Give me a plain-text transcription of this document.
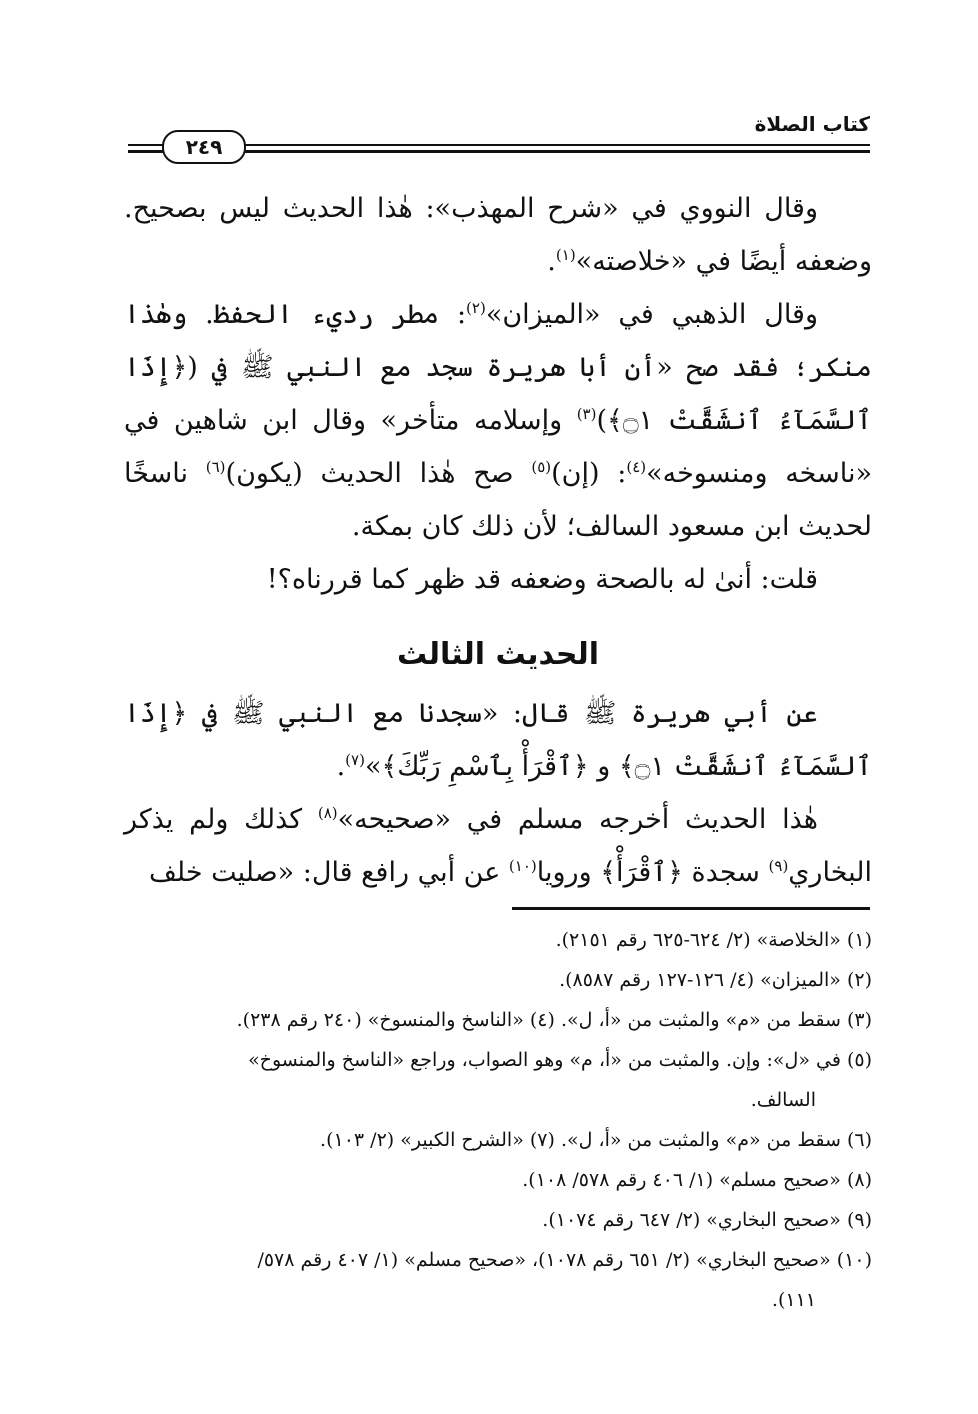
كتاب الصلاة
٢٤٩

وقال النووي في «شرح المهذب»: هٰذا الحديث ليس بصحيح. وضعفه أيضًا في «خلاصته»$^{(١)}$.

وقال الذهبي في «الميزان»$^{(٢)}$: مطر رديء الحفظ. وهٰذا منكر؛ فقد صح «أن أبا هريرة سجد مع النبي ﷺ في (﴿إِذَا ٱلسَّمَآءُ ٱنشَقَّتْ ۝١﴾)$^{(٣)}$ وإسلامه متأخر» وقال ابن شاهين في «ناسخه ومنسوخه»$^{(٤)}$: (إن)$^{(٥)}$ صح هٰذا الحديث (يكون)$^{(٦)}$ ناسخًا لحديث ابن مسعود السالف؛ لأن ذلك كان بمكة.

قلت: أنىٰ له بالصحة وضعفه قد ظهر كما قررناه؟!

الحديث الثالث

عن أبي هريرة ﷺ قال: «سجدنا مع النبي ﷺ في ﴿إِذَا ٱلسَّمَآءُ ٱنشَقَّتْ ۝١﴾ و ﴿ٱقْرَأْ بِٱسْمِ رَبِّكَ﴾»$^{(٧)}$.

هٰذا الحديث أخرجه مسلم في «صحيحه»$^{(٨)}$ كذلك ولم يذكر البخاري$^{(٩)}$ سجدة ﴿ٱقْرَأْ﴾ ورويا$^{(١٠)}$ عن أبي رافع قال: «صليت خلف

(١) «الخلاصة» (٢/ ٦٢٤-٦٢٥ رقم ٢١٥١).

(٢) «الميزان» (٤/ ١٢٦-١٢٧ رقم ٨٥٨٧).

(٣) سقط من «م» والمثبت من «أ، ل». (٤) «الناسخ والمنسوخ» (٢٤٠ رقم ٢٣٨).

(٥) في «ل»: وإن. والمثبت من «أ، م» وهو الصواب، وراجع «الناسخ والمنسوخ»

السالف.

(٦) سقط من «م» والمثبت من «أ، ل». (٧) «الشرح الكبير» (٢/ ١٠٣).

(٨) «صحيح مسلم» (١/ ٤٠٦ رقم ٥٧٨/ ١٠٨).

(٩) «صحيح البخاري» (٢/ ٦٤٧ رقم ١٠٧٤).

(١٠) «صحيح البخاري» (٢/ ٦٥١ رقم ١٠٧٨)، «صحيح مسلم» (١/ ٤٠٧ رقم ٥٧٨/

١١١).
